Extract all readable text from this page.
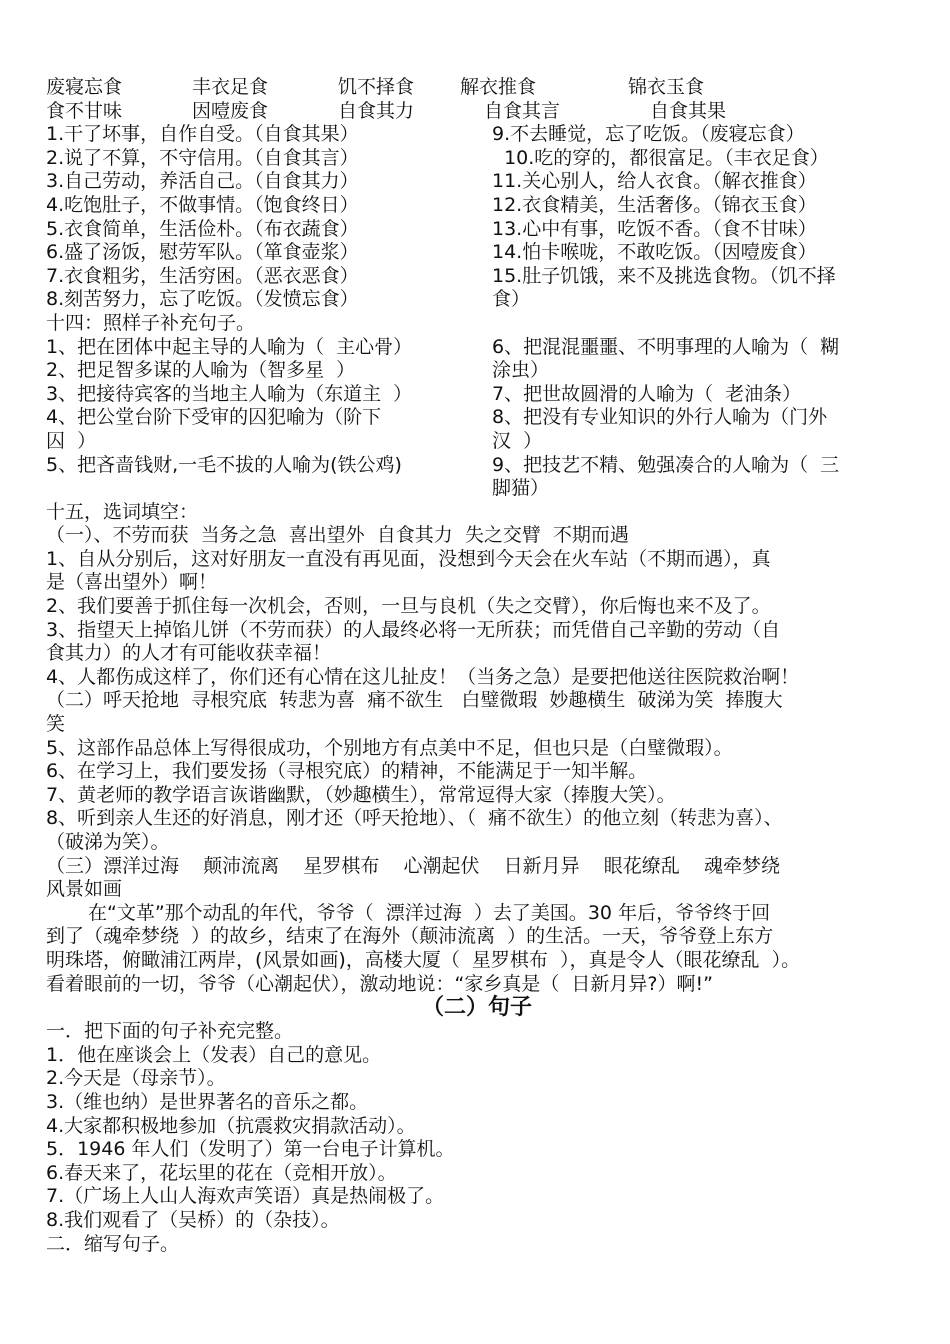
废寝忘食	丰衣足食	饥不择食	解衣推食	锦衣玉食
食不甘味	因噎废食	自食其力	自食其言	自食其果
1.干了坏事，自作自受。（自食其果）
2.说了不算，不守信用。（自食其言）
3.自己劳动，养活自己。（自食其力）
4.吃饱肚子，不做事情。（饱食终日）
5.衣食简单，生活俭朴。（布衣蔬食）
6.盛了汤饭，慰劳军队。（箪食壶浆）
7.衣食粗劣，生活穷困。（恶衣恶食）
8.刻苦努力，忘了吃饭。（发愤忘食）
9.不去睡觉，忘了吃饭。（废寝忘食）
10.吃的穿的，都很富足。（丰衣足食）
11.关心别人，给人衣食。（解衣推食）
12.衣食精美，生活奢侈。（锦衣玉食）
13.心中有事，吃饭不香。（食不甘味）
14.怕卡喉咙，不敢吃饭。（因噎废食）
15.肚子饥饿，来不及挑选食物。（饥不择
食）
十四：照样子补充句子。
1、把在团体中起主导的人喻为（  主心骨）
2、把足智多谋的人喻为（智多星  ）
3、把接待宾客的当地主人喻为（东道主  ）
4、把公堂台阶下受审的囚犯喻为（阶下
囚  ）
5、把吝啬钱财,一毛不拔的人喻为(铁公鸡)
6、把混混噩噩、不明事理的人喻为（  糊
涂虫）
7、把世故圆滑的人喻为（  老油条）
8、把没有专业知识的外行人喻为（门外
汉  ）
9、把技艺不精、勉强凑合的人喻为（  三
脚猫）
十五，选词填空：
（一）、不劳而获  当务之急  喜出望外  自食其力  失之交臂  不期而遇
1、自从分别后，这对好朋友一直没有再见面，没想到今天会在火车站（不期而遇），真
是（喜出望外）啊！
2、我们要善于抓住每一次机会，否则，一旦与良机（失之交臂），你后悔也来不及了。
3、指望天上掉馅儿饼（不劳而获）的人最终必将一无所获；而凭借自己辛勤的劳动（自
食其力）的人才有可能收获幸福！
4、人都伤成这样了，你们还有心情在这儿扯皮！（当务之急）是要把他送往医院救治啊！
（二）呼天抢地  寻根究底  转悲为喜  痛不欲生   白璧微瑕  妙趣横生  破涕为笑  捧腹大
笑
5、这部作品总体上写得很成功，个别地方有点美中不足，但也只是（白璧微瑕）。
6、在学习上，我们要发扬（寻根究底）的精神，不能满足于一知半解。
7、黄老师的教学语言诙谐幽默，（妙趣横生），常常逗得大家（捧腹大笑）。
8、听到亲人生还的好消息，刚才还（呼天抢地）、（  痛不欲生）的他立刻（转悲为喜）、
（破涕为笑）。
（三）漂洋过海    颠沛流离    星罗棋布    心潮起伏    日新月异    眼花缭乱    魂牵梦绕
风景如画
在“文革”那个动乱的年代，爷爷（  漂洋过海  ）去了美国。30 年后，爷爷终于回
到了（魂牵梦绕  ）的故乡，结束了在海外（颠沛流离  ）的生活。一天，爷爷登上东方
明珠塔，俯瞰浦江两岸，(风景如画)，高楼大厦（  星罗棋布  ），真是令人（眼花缭乱  ）。
看着眼前的一切，爷爷（心潮起伏），激动地说：“家乡真是（  日新月异?）啊!”
（二）句子
一．把下面的句子补充完整。
1．他在座谈会上（发表）自己的意见。
2.今天是（母亲节）。
3.（维也纳）是世界著名的音乐之都。
4.大家都积极地参加（抗震救灾捐款活动）。
5．1946 年人们（发明了）第一台电子计算机。
6.春天来了，花坛里的花在（竞相开放）。
7.（广场上人山人海欢声笑语）真是热闹极了。
8.我们观看了（吴桥）的（杂技）。
二．缩写句子。
